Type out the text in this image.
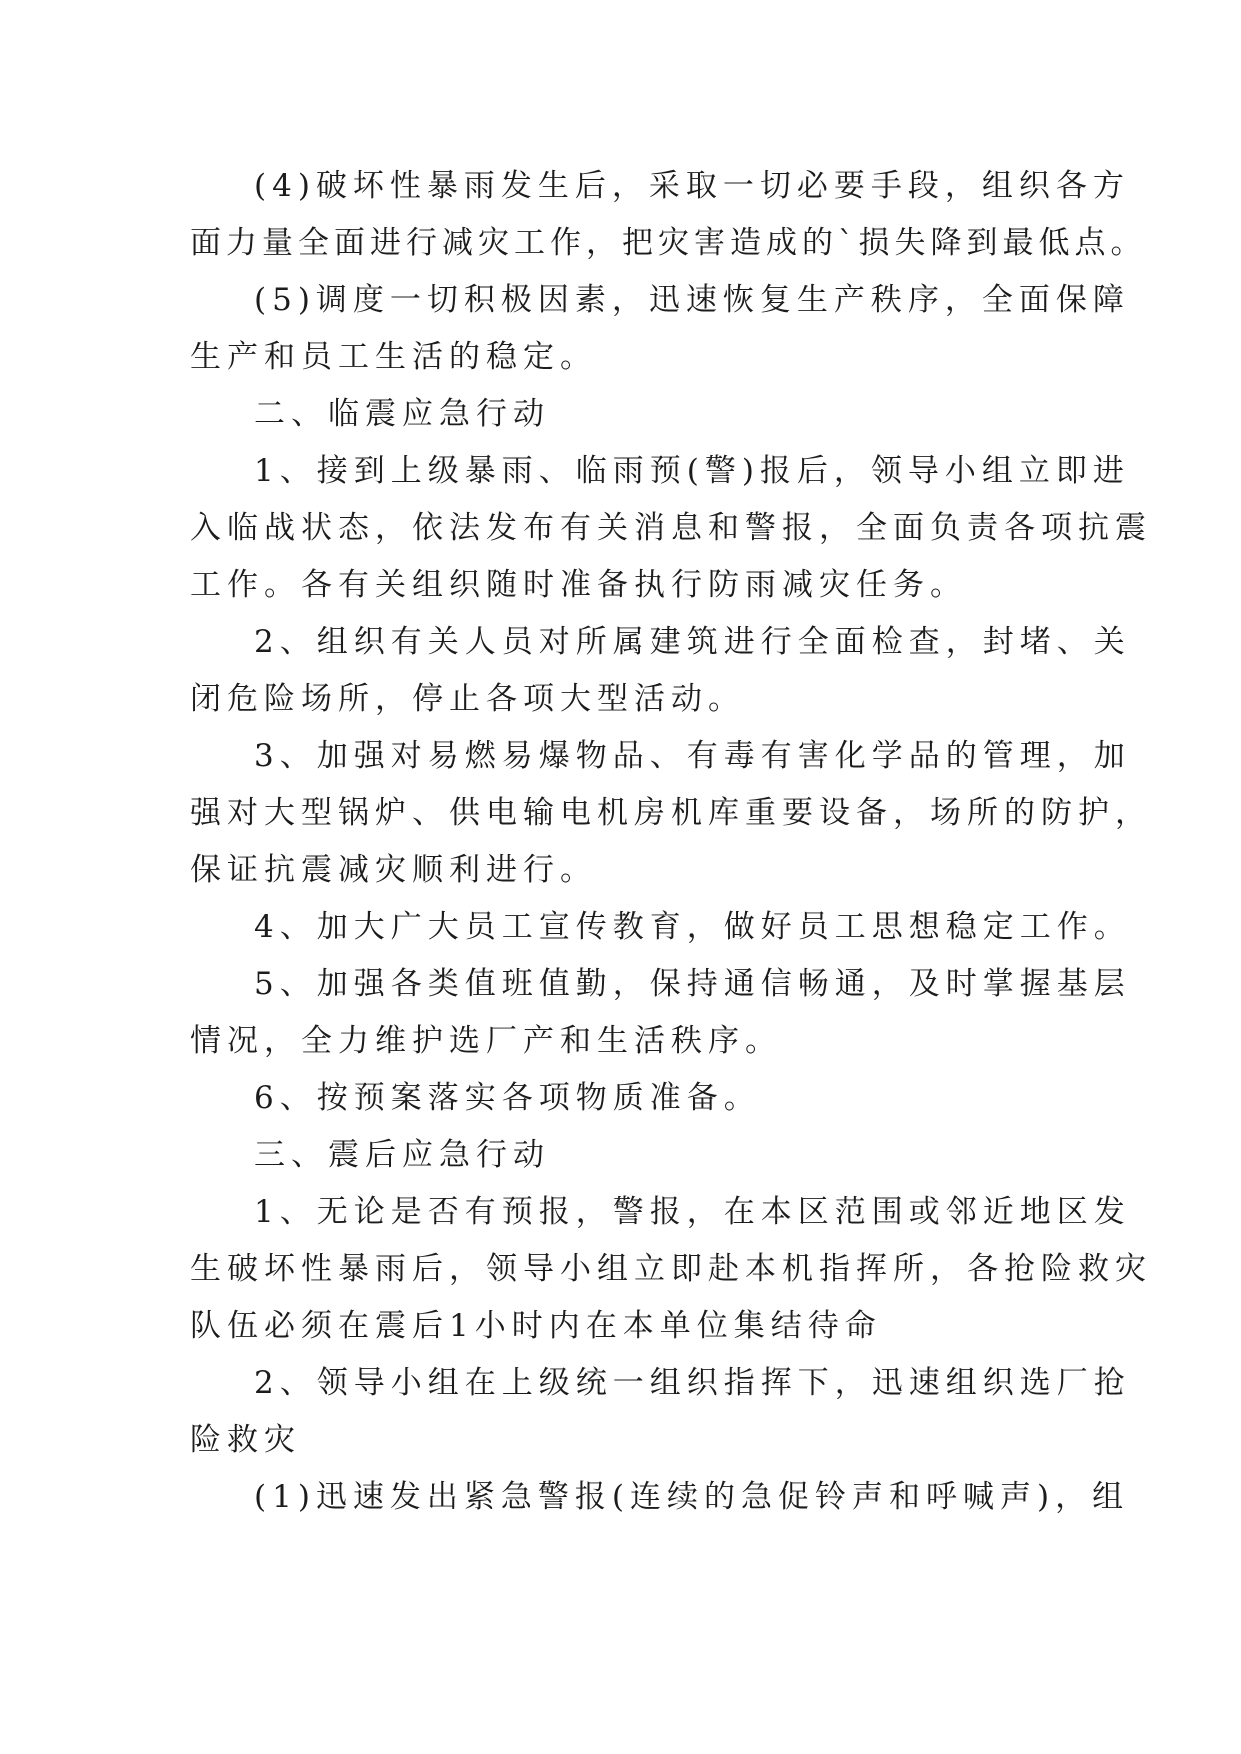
(4)破坏性暴雨发生后，采取一切必要手段，组织各方
面力量全面进行减灾工作，把灾害造成的`损失降到最低点。
(5)调度一切积极因素，迅速恢复生产秩序，全面保障
生产和员工生活的稳定。
二、临震应急行动
1、接到上级暴雨、临雨预(警)报后，领导小组立即进
入临战状态，依法发布有关消息和警报，全面负责各项抗震
工作。各有关组织随时准备执行防雨减灾任务。
2、组织有关人员对所属建筑进行全面检查，封堵、关
闭危险场所，停止各项大型活动。
3、加强对易燃易爆物品、有毒有害化学品的管理，加
强对大型锅炉、供电输电机房机库重要设备，场所的防护，
保证抗震减灾顺利进行。
4、加大广大员工宣传教育，做好员工思想稳定工作。
5、加强各类值班值勤，保持通信畅通，及时掌握基层
情况，全力维护选厂产和生活秩序。
6、按预案落实各项物质准备。
三、震后应急行动
1、无论是否有预报，警报，在本区范围或邻近地区发
生破坏性暴雨后，领导小组立即赴本机指挥所，各抢险救灾
队伍必须在震后1小时内在本单位集结待命
2、领导小组在上级统一组织指挥下，迅速组织选厂抢
险救灾
(1)迅速发出紧急警报(连续的急促铃声和呼喊声)，组
